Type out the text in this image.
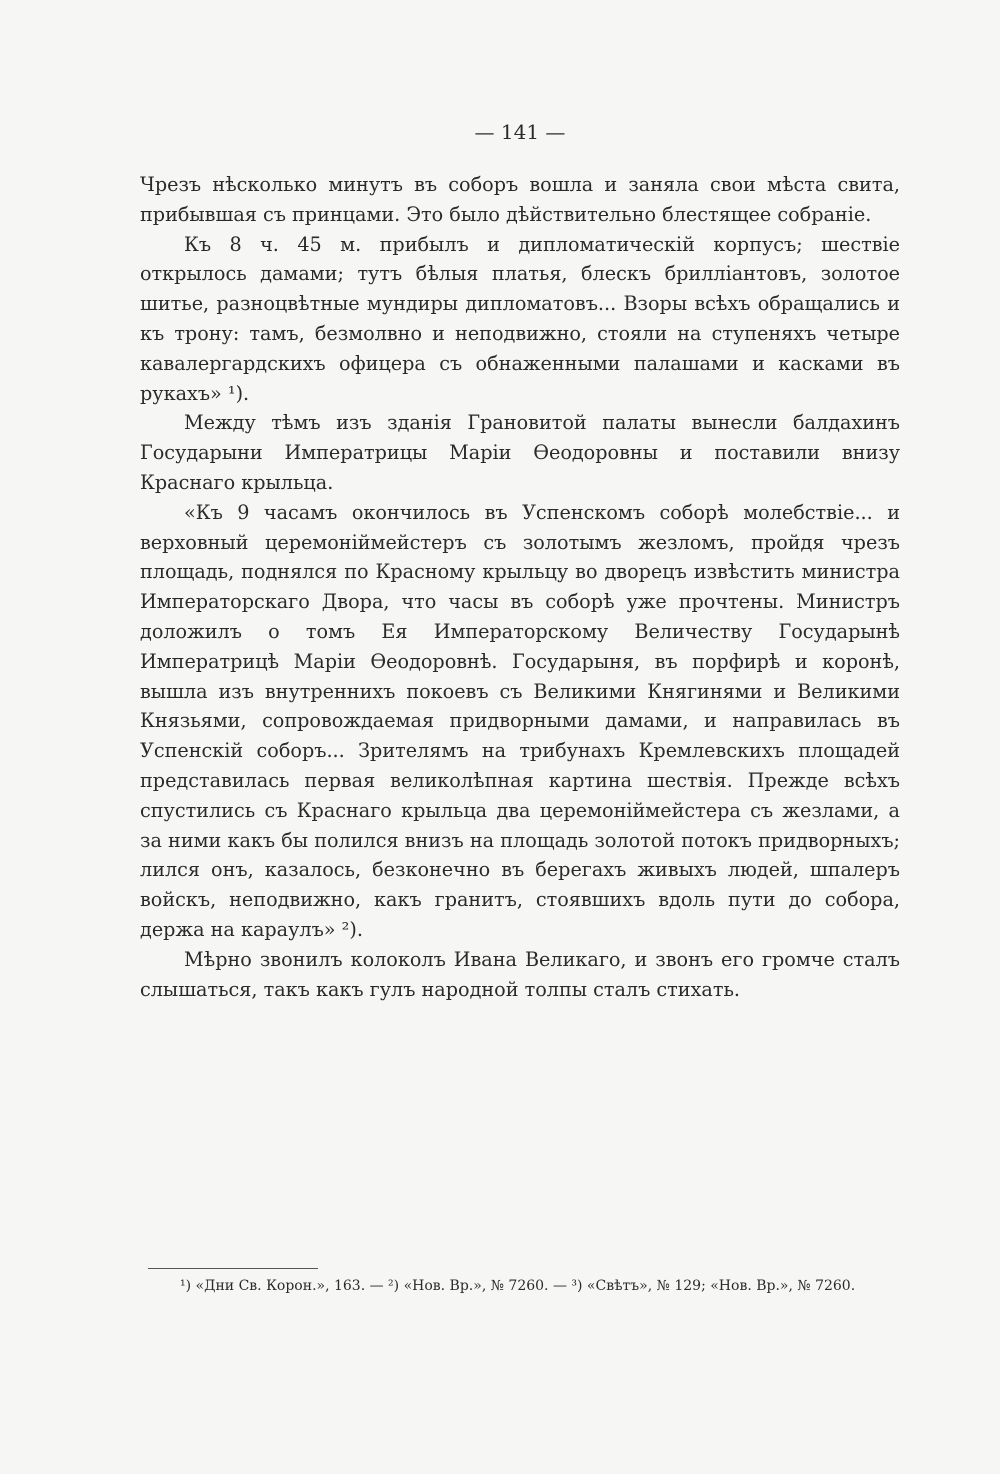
— 141 —

Чрезъ нѣсколько минутъ въ соборъ вошла и заняла свои мѣста свита, прибывшая съ принцами. Это было дѣйствительно блестящее собраніе.

Къ 8 ч. 45 м. прибылъ и дипломатическій корпусъ; шествіе открылось дамами; тутъ бѣлыя платья, блескъ брилліантовъ, золотое шитье, разноцвѣтные мундиры дипломатовъ... Взоры всѣхъ обращались и къ трону: тамъ, безмолвно и неподвижно, стояли на ступеняхъ четыре кавалергардскихъ офицера съ обнаженными палашами и касками въ рукахъ» ¹).

Между тѣмъ изъ зданія Грановитой палаты вынесли балдахинъ Государыни Императрицы Маріи Ѳеодоровны и поставили внизу Краснаго крыльца.

«Къ 9 часамъ окончилось въ Успенскомъ соборѣ молебствіе... и верховный церемоніймейстеръ съ золотымъ жезломъ, пройдя чрезъ площадь, поднялся по Красному крыльцу во дворецъ извѣстить министра Императорскаго Двора, что часы въ соборѣ уже прочтены. Министръ доложилъ о томъ Ея Императорскому Величеству Государынѣ Императрицѣ Маріи Ѳеодоровнѣ. Государыня, въ порфирѣ и коронѣ, вышла изъ внутреннихъ покоевъ съ Великими Княгинями и Великими Князьями, сопровождаемая придворными дамами, и направилась въ Успенскій соборъ... Зрителямъ на трибунахъ Кремлевскихъ площадей представилась первая великолѣпная картина шествія. Прежде всѣхъ спустились съ Краснаго крыльца два церемоніймейстера съ жезлами, а за ними какъ бы полился внизъ на площадь золотой потокъ придворныхъ; лился онъ, казалось, безконечно въ берегахъ живыхъ людей, шпалеръ войскъ, неподвижно, какъ гранитъ, стоявшихъ вдоль пути до собора, держа на караулъ» ²).

Мѣрно звонилъ колоколъ Ивана Великаго, и звонъ его громче сталъ слышаться, такъ какъ гулъ народной толпы сталъ стихать.

¹) «Дни Св. Корон.», 163. — ²) «Нов. Вр.», № 7260. — ³) «Свѣтъ», № 129; «Нов. Вр.», № 7260.
